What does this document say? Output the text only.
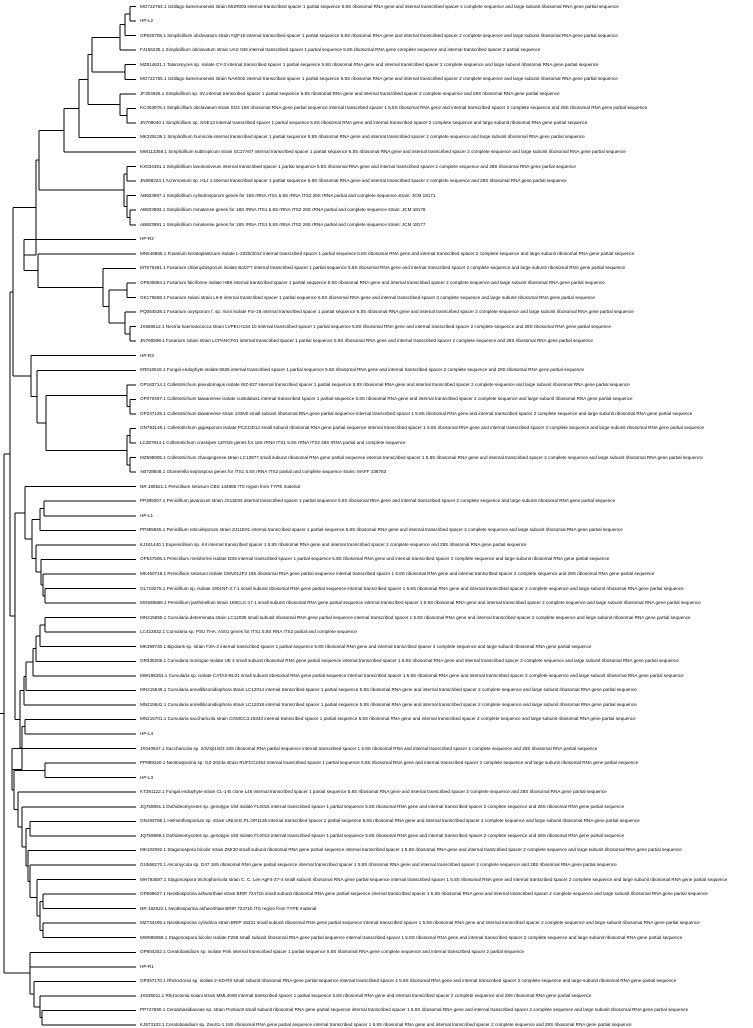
MG722764.1 Ustilago kamerunensis strain MUR003 internal transcribed spacer 1 partial sequence 5.8S ribosomal RNA gene and internal transcribed spacer 2 complete sequence and large subunit ribosomal RNA gene partial sequence
HP-L2
OP020708.1 Simplicillium obclavatum strain AQF16 internal transcribed spacer 1 partial sequence 5.8S ribosomal RNA gene and internal transcribed spacer 2 complete sequence and large subunit ribosomal RNA gene partial sequence
FJ156235.1 Simplicillium obclavatum strain UAS 046 internal transcribed spacer 1 partial sequence 5.8S ribosomal RNA gene complete sequence and internal transcribed spacer 2 partial sequence
MZ814621.1 Talaromyces sp. isolate CY-3 internal transcribed spacer 1 partial sequence 5.8S ribosomal RNA gene and internal transcribed spacer 2 complete sequence and large subunit ribosomal RNA gene partial sequence
MG722755.1 Ustilago kamerunensis strain NAK002 internal transcribed spacer 1 partial sequence 5.8S ribosomal RNA gene and internal transcribed spacer 2 complete sequence and large subunit ribosomal RNA gene partial sequence
JF304626.1 Simplicillium sp. 3V internal transcribed spacer 1 partial sequence 5.8S ribosomal RNA gene and internal transcribed spacer 2 complete sequence and 28S ribosomal RNA gene partial sequence
KC403979.1 Simplicillium obclavatum strain SO2 18S ribosomal RNA gene partial sequence internal transcribed spacer 1 5.8S ribosomal RNA gene and internal transcribed spacer 2 complete sequence and 28S ribosomal RNA gene partial sequence
JN709040.1 Simplicillium sp. SGE13 internal transcribed spacer 1 partial sequence 5.8S ribosomal RNA gene and internal transcribed spacer 2 complete sequence and large subunit ribosomal RNA gene partial sequence
MK329136.1 Simplicillium humicola internal transcribed spacer 1 partial sequence 5.8S ribosomal RNA gene and internal transcribed spacer 2 complete sequence and large subunit ribosomal RNA gene partial sequence
MW113358.1 Simplicillium subtropicum strain SC27A07 internal transcribed spacer 1 partial sequence 5.8S ribosomal RNA gene and internal transcribed spacer 2 complete sequence and large subunit ribosomal RNA gene partial sequence
KX034391.1 Simplicillium lanosoniveum internal transcribed spacer 1 partial sequence 5.8S ribosomal RNA gene and internal transcribed spacer 2 complete sequence and 28S ribosomal RNA gene partial sequence
JN088224.1 Acremonium sp. HLJ 1 internal transcribed spacer 1 partial sequence 5.8S ribosomal RNA gene and internal transcribed spacer 2 complete sequence and 28S ribosomal RNA gene partial sequence
AB603997.1 Simplicillium cylindrosporum genes for 18S rRNA ITS1 5.8S rRNA ITS2 28S rRNA partial and complete sequence strain: JCM 18171
AB603993.1 Simplicillium minatense genes for 18S rRNA ITS1 5.8S rRNA ITS2 28S rRNA partial and complete sequence strain: JCM 18178
AB603991.1 Simplicillium minatense genes for 18S rRNA ITS1 5.8S rRNA ITS2 28S rRNA partial and complete sequence strain: JCM 18177
HP-R2
MN540855.1 Fusarium keratoplasticum isolate L-2320/2012 internal transcribed spacer 1 partial sequence 5.8S ribosomal RNA gene and internal transcribed spacer 2 complete sequence and large subunit ribosomal RNA gene partial sequence
MT075481.1 Fusarium chlamydosporum isolate BoCF7 internal transcribed spacer 1 partial sequence 5.8S ribosomal RNA gene and internal transcribed spacer 2 complete sequence and large subunit ribosomal RNA gene partial sequence
OP630864.1 Fusarium falciforme isolate HB9 internal transcribed spacer 1 partial sequence 5.8S ribosomal RNA gene and internal transcribed spacer 2 complete sequence and large subunit ribosomal RNA gene partial sequence
OK175558.1 Fusarium solani strain L6-8 internal transcribed spacer 1 partial sequence 5.8S ribosomal RNA gene and internal transcribed spacer 2 complete sequence and large subunit ribosomal RNA gene partial sequence
PQ064539.1 Fusarium oxysporum f. sp. ricini isolate For-18 internal transcribed spacer 1 partial sequence 5.8S ribosomal RNA gene and internal transcribed spacer 2 complete sequence and large subunit ribosomal RNA gene partial sequence
JX868612.1 Nectria haematococca strain LVPEI.H134 10 internal transcribed spacer 1 partial sequence 5.8S ribosomal RNA gene and internal transcribed spacer 2 complete sequence and 28S ribosomal RNA gene partial sequence
JN786598.1 Fusarium solani strain LCPANCF01 internal transcribed spacer 1 partial sequence 5.8S ribosomal RNA gene and internal transcribed spacer 2 complete sequence and 28S ribosomal RNA gene partial sequence
HP-R3
KR016518.1 Fungal endophyte isolate 6636 internal transcribed spacer 1 partial sequence 5.8S ribosomal RNA gene and internal transcribed spacer 2 complete sequence and 28S ribosomal RNA gene partial sequence
OP163714.1 Colletotrichum pseudomajus isolate WZ-837 internal transcribed spacer 1 partial sequence 5.8S ribosomal RNA gene and internal transcribed spacer 2 complete sequence and large subunit ribosomal RNA gene partial sequence
OP070497.1 Colletotrichum taiwanense isolate custulatus1 internal transcribed spacer 1 partial sequence 5.8S ribosomal RNA gene and internal transcribed spacer 2 complete sequence and large subunit ribosomal RNA gene partial sequence
OP237129.1 Colletotrichum taiwanense strain 133N0 small subunit ribosomal RNA gene partial sequence internal transcribed spacer 1 5.8S ribosomal RNA gene and internal transcribed spacer 2 complete sequence and large subunit ribosomal RNA gene partial sequence
ON793146.1 Colletotrichum gigasporum isolate PCZJJD12 small subunit ribosomal RNA gene partial sequence internal transcribed spacer 1 5.8S ribosomal RNA gene and internal transcribed spacer 2 complete sequence and large subunit ribosomal RNA gene partial sequence
LC387814.1 Colletotrichum crassipes 11F015 genes for 18S rRNA ITS1 5.8S rRNA ITS2 28S rRNA partial and complete sequence
MZ595905.1 Colletotrichum zhaoqingense strain LC13877 small subunit ribosomal RNA gene partial sequence internal transcribed spacer 1 5.8S ribosomal RNA gene and internal transcribed spacer 2 complete sequence and large subunit ribosomal RNA gene partial sequence
AB738848.1 Glomerella septospora genes for ITS1 5.8S rRNA ITS2 partial and complete sequence strain: MAFF 238783
NR 185521.1 Penicillium setosum CBS 144865 ITS region from TYPE material
PP385067.1 Penicillium javanicum strain JX11E03 internal transcribed spacer 1 partial sequence 5.8S ribosomal RNA gene and internal transcribed spacer 2 complete sequence and large subunit ribosomal RNA gene partial sequence
HP-L1
PP385655.1 Penicillium reticulisporum strain ZJ11E01 internal transcribed spacer 1 partial sequence 5.8S ribosomal RNA gene and internal transcribed spacer 2 complete sequence and large subunit ribosomal RNA gene partial sequence
KJ191440.1 Eupenicillium sp. K4 internal transcribed spacer 1 5.8S ribosomal RNA gene and internal transcribed spacer 2 complete sequence and 28S ribosomal RNA gene partial sequence
OP547506.1 Penicillium meloforme isolate DS8 internal transcribed spacer 1 partial sequence 5.8S ribosomal RNA gene and internal transcribed spacer 2 complete sequence and large subunit ribosomal RNA gene partial sequence
MK450718.1 Penicillium setosum isolate CMV012F3 18S ribosomal RNA gene partial sequence internal transcribed spacer 1 5.8S ribosomal RNA gene and internal transcribed spacer 2 complete sequence and 28S ribosomal RNA gene partial sequence
OL719275.1 Penicillium sp. isolate 1901NT-3.7.1 small subunit ribosomal RNA gene partial sequence internal transcribed spacer 1 5.8S ribosomal RNA gene and internal transcribed spacer 2 complete sequence and large subunit ribosomal RNA gene partial sequence
MG938869.1 Penicillium janthinellum strain 168CLC-17.1 small subunit ribosomal RNA gene partial sequence internal transcribed spacer 1 5.8S ribosomal RNA gene and internal transcribed spacer 2 complete sequence and large subunit ribosomal RNA gene partial sequence
MN215655.1 Curvularia determinata strain LC12035 small subunit ribosomal RNA gene partial sequence internal transcribed spacer 1 5.8S ribosomal RNA gene and internal transcribed spacer 2 complete sequence and large subunit ribosomal RNA gene partial sequence
LC422832.1 Curvularia sp. PSU THA :AS01 genes for ITS1 5.8S RNA ITS2 partial and complete sequence
MK399730.1 Bipolaris sp. strain FZA-2 internal transcribed spacer 1 partial sequence 5.8S ribosomal RNA gene and internal transcribed spacer 2 complete sequence and large subunit ribosomal RNA gene partial sequence
OR335205.1 Curvularia moringae isolate UE 4 small subunit ribosomal RNA gene partial sequence internal transcribed spacer 1 5.8S ribosomal RNA gene and internal transcribed spacer 2 complete sequence and large subunit ribosomal RNA gene partial sequence
MW186253.1 Curvularia sp. isolate CATAS-BL01 small subunit ribosomal RNA gene partial sequence internal transcribed spacer 1 5.8S ribosomal RNA gene and internal transcribed spacer 2 complete sequence and large subunit ribosomal RNA gene partial sequence
MN215646.1 Curvularia annelliticonidiophora strain LC12014 internal transcribed spacer 1 partial sequence 5.8S ribosomal RNA gene and internal transcribed spacer 2 complete sequence and large subunit ribosomal RNA gene partial sequence
MN215642.1 Curvularia annelliticonidiophora strain LC12018 internal transcribed spacer 1 partial sequence 5.8S ribosomal RNA gene and internal transcribed spacer 2 complete sequence and large subunit ribosomal RNA gene partial sequence
MN215701.1 Curvularia saccharicola strain CGMCC3.19344 internal transcribed spacer 1 partial sequence 5.8S ribosomal RNA gene and internal transcribed spacer 2 complete sequence and large subunit ribosomal RNA gene partial sequence
HP-L4
JX040847.1 Saccharicola sp. 2/S/Sj/1/6/3 18S ribosomal RNA partial sequence internal transcribed spacer 1 5.8S ribosomal RNA and internal transcribed spacer 2 complete sequence and 28S ribosomal RNA partial sequence
PP989220.1 Neottiosporina sp. GZ-2024a strain RUFCC2454 internal transcribed spacer 1 partial sequence 5.8S ribosomal RNA gene and internal transcribed spacer 2 complete sequence and large subunit ribosomal RNA gene partial sequence
HP-L3
KT291122.1 Fungal endophyte strain CL-1-B clone L46 internal transcribed spacer 1 partial sequence 5.8S ribosomal RNA gene and internal transcribed spacer 2 complete sequence and 28S ribosomal RNA gene partial sequence
JQ759891.1 Dothideomycetes sp. genotype 194 isolate FL0015 internal transcribed spacer 1 partial sequence 5.8S ribosomal RNA gene and internal transcribed spacer 2 complete sequence and 28S ribosomal RNA gene partial sequence
ON193785.1 Helminthosporium sp. strain UNIJAG.PL.OP1135 internal transcribed spacer 1 partial sequence 5.8S ribosomal RNA gene and internal transcribed spacer 2 complete sequence and large subunit ribosomal RNA gene partial sequence
JQ759889.1 Dothideomycetes sp. genotype 193 isolate FL0013 internal transcribed spacer 1 partial sequence 5.8S ribosomal RNA gene and internal transcribed spacer 2 complete sequence and 28S ribosomal RNA gene partial sequence
MK102692.1 Stagonospora bicolor strain ZMr20 small subunit ribosomal RNA gene partial sequence internal transcribed spacer 1 5.8S ribosomal RNA gene and internal transcribed spacer 2 complete sequence and large subunit ribosomal RNA gene partial sequence
GU566270.1 Ascomycota sp. G47 18S ribosomal RNA gene partial sequence internal transcribed spacer 1 5.8S ribosomal RNA gene and internal transcribed spacer 2 complete sequence and 28S ribosomal RNA gene partial sequence
MH793587.1 Stagonospora trichophoricola strain C. C. Lee AgF4-27-4 small subunit ribosomal RNA gene partial sequence internal transcribed spacer 1 5.8S ribosomal RNA gene and internal transcribed spacer 2 complete sequence and large subunit ribosomal RNA gene partial sequence
OP599627.1 Neottiosporina ashworthiae strain BRIP 72471b small subunit ribosomal RNA gene partial sequence internal transcribed spacer 1 5.8S ribosomal RNA gene and internal transcribed spacer 2 complete sequence and large subunit ribosomal RNA gene partial sequence
NR 182622.1 Neottiosporina ashworthiae BRIP 72471b ITS region from TYPE material
MZ734405.1 Neottiosporina cylindrica strain BRIP 16231 small subunit ribosomal RNA gene partial sequence internal transcribed spacer 1 5.8S ribosomal RNA gene and internal transcribed spacer 2 complete sequence and large subunit ribosomal RNA gene partial sequence
MW995559.1 Stagonospora bicolor isolate F259 small subunit ribosomal RNA gene partial sequence internal transcribed spacer 1 5.8S ribosomal RNA gene and internal transcribed spacer 2 complete sequence and large subunit ribosomal RNA gene partial sequence
OP604252.1 Ceratobasidium sp. isolate Pink internal transcribed spacer 1 partial sequence 5.8S ribosomal RNA gene complete sequence and internal transcribed spacer 2 partial sequence
HP-R1
OP357170.1 Rhizoctonia sp. isolate 2-SD-Rh small subunit ribosomal RNA gene partial sequence internal transcribed spacer 1 5.8S ribosomal RNA gene and internal transcribed spacer 2 complete sequence and large subunit ribosomal RNA gene partial sequence
JX535011.1 Rhizoctonia solani strain MML4008 internal transcribed spacer 1 partial sequence 5.8S ribosomal RNA gene and internal transcribed spacer 2 complete sequence and 28S ribosomal RNA gene partial sequence
PP747690.1 Ceratobasidiaceae sp. strain Pontiac9 small subunit ribosomal RNA gene partial sequence internal transcribed spacer 1 5.8S ribosomal RNA gene and internal transcribed spacer 2 complete sequence and large subunit ribosomal RNA gene partial sequence
KJ573103.1 Ceratobasidium sp. ZeuS1-1 18S ribosomal RNA gene partial sequence internal transcribed spacer 1 5.8S ribosomal RNA gene and internal transcribed spacer 2 complete sequence and 28S ribosomal RNA gene partial sequence
